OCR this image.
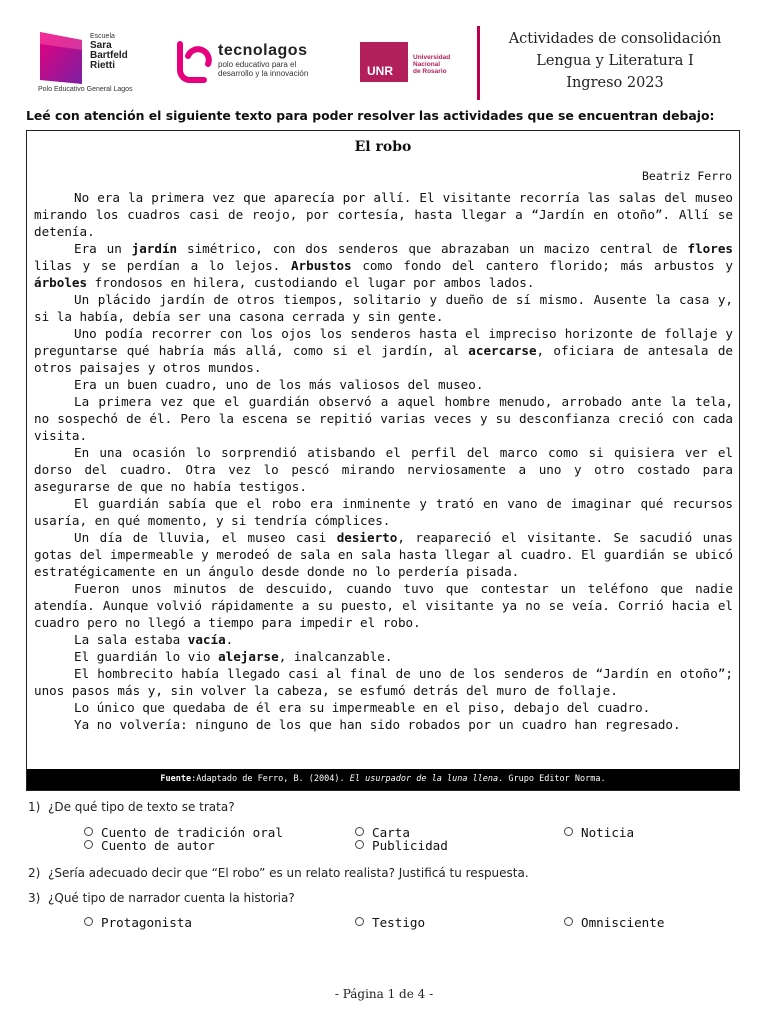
Escuela
Sara
Bartfeld
Rietti
Polo Educativo General Lagos
tecnolagos
polo educativo para el
desarrollo y la innovación	UNR
Universidad
Nacional
de Rosario
Actividades de consolidación
Lengua y Literatura I
Ingreso 2023
Leé con atención el siguiente texto para poder resolver las actividades que se encuentran debajo:
El robo
Beatriz Ferro

No era la primera vez que aparecía por allí. El visitante recorría las salas del museo mirando los cuadros casi de reojo, por cortesía, hasta llegar a “Jardín en otoño”. Allí se detenía.

Era un jardín simétrico, con dos senderos que abrazaban un macizo central de flores lilas y se perdían a lo lejos. Arbustos como fondo del cantero florido; más arbustos y árboles frondosos en hilera, custodiando el lugar por ambos lados.

Un plácido jardín de otros tiempos, solitario y dueño de sí mismo. Ausente la casa y, si la había, debía ser una casona cerrada y sin gente.

Uno podía recorrer con los ojos los senderos hasta el impreciso horizonte de follaje y preguntarse qué habría más allá, como si el jardín, al acercarse, oficiara de antesala de otros paisajes y otros mundos.

Era un buen cuadro, uno de los más valiosos del museo.

La primera vez que el guardián observó a aquel hombre menudo, arrobado ante la tela, no sospechó de él. Pero la escena se repitió varias veces y su desconfianza creció con cada visita.

En una ocasión lo sorprendió atisbando el perfil del marco como si quisiera ver el dorso del cuadro. Otra vez lo pescó mirando nerviosamente a uno y otro costado para asegurarse de que no había testigos.

El guardián sabía que el robo era inminente y trató en vano de imaginar qué recursos usaría, en qué momento, y si tendría cómplices.

Un día de lluvia, el museo casi desierto, reapareció el visitante. Se sacudió unas gotas del impermeable y merodeó de sala en sala hasta llegar al cuadro. El guardián se ubicó estratégicamente en un ángulo desde donde no lo perdería pisada.

Fueron unos minutos de descuido, cuando tuvo que contestar un teléfono que nadie atendía. Aunque volvió rápidamente a su puesto, el visitante ya no se veía. Corrió hacia el cuadro pero no llegó a tiempo para impedir el robo.

La sala estaba vacía.

El guardián lo vio alejarse, inalcanzable.

El hombrecito había llegado casi al final de uno de los senderos de “Jardín en otoño”; unos pasos más y, sin volver la cabeza, se esfumó detrás del muro de follaje.

Lo único que quedaba de él era su impermeable en el piso, debajo del cuadro.

Ya no volvería: ninguno de los que han sido robados por un cuadro han regresado.

Fuente:Adaptado de Ferro, B. (2004). El usurpador de la luna llena. Grupo Editor Norma.
1) ¿De qué tipo de texto se trata?
Cuento de tradición oral	Carta	Noticia
Cuento de autor	Publicidad
2) ¿Sería adecuado decir que “El robo” es un relato realista? Justificá tu respuesta.
3) ¿Qué tipo de narrador cuenta la historia?
Protagonista	Testigo	Omnisciente
- Página 1 de 4 -
